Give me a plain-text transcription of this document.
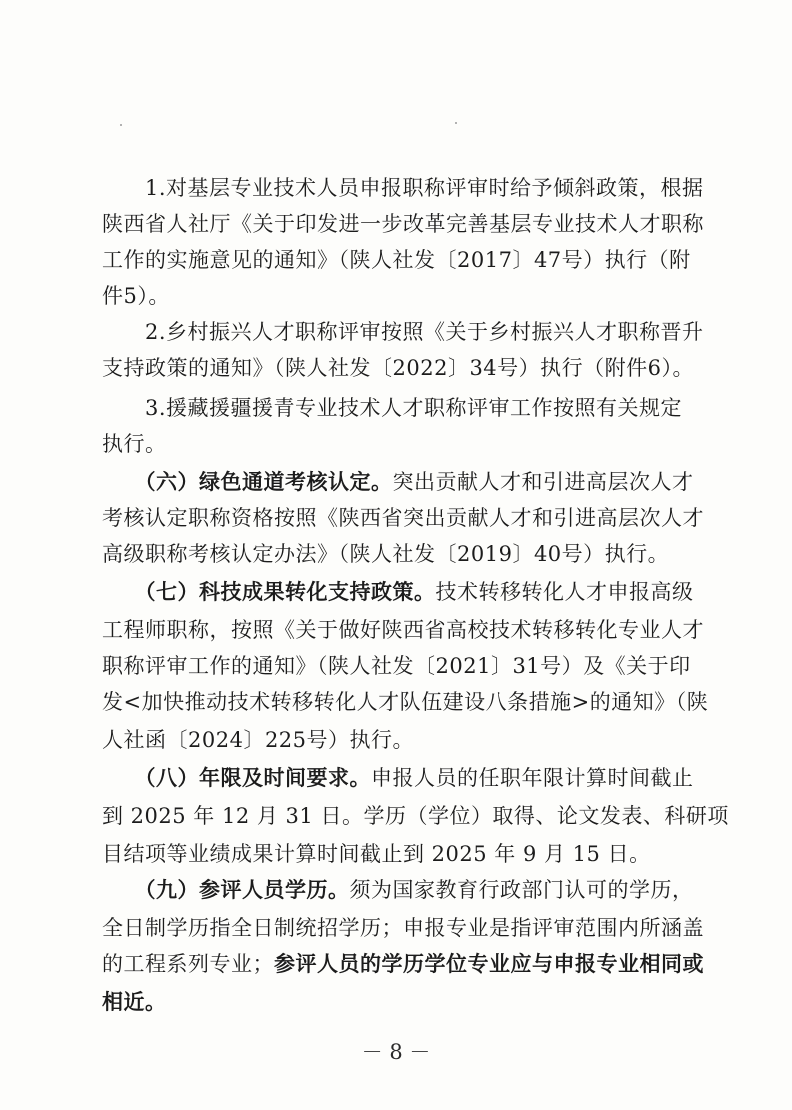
　　1.对基层专业技术人员申报职称评审时给予倾斜政策，根据
陕西省人社厅《关于印发进一步改革完善基层专业技术人才职称
工作的实施意见的通知》（陕人社发〔2017〕47号）执行（附
件5）。
　　2.乡村振兴人才职称评审按照《关于乡村振兴人才职称晋升
支持政策的通知》（陕人社发〔2022〕34号）执行（附件6）。
　　3.援藏援疆援青专业技术人才职称评审工作按照有关规定
执行。
　　（六）绿色通道考核认定。突出贡献人才和引进高层次人才
考核认定职称资格按照《陕西省突出贡献人才和引进高层次人才
高级职称考核认定办法》（陕人社发〔2019〕40号）执行。
　　（七）科技成果转化支持政策。技术转移转化人才申报高级
工程师职称，按照《关于做好陕西省高校技术转移转化专业人才
职称评审工作的通知》（陕人社发〔2021〕31号）及《关于印
发<加快推动技术转移转化人才队伍建设八条措施>的通知》（陕
人社函〔2024〕225号）执行。
　　（八）年限及时间要求。申报人员的任职年限计算时间截止
到 2025 年 12 月 31 日。学历（学位）取得、论文发表、科研项
目结项等业绩成果计算时间截止到 2025 年 9 月 15 日。
　　（九）参评人员学历。须为国家教育行政部门认可的学历，
全日制学历指全日制统招学历；申报专业是指评审范围内所涵盖
的工程系列专业；参评人员的学历学位专业应与申报专业相同或
相近。
－ 8 －
